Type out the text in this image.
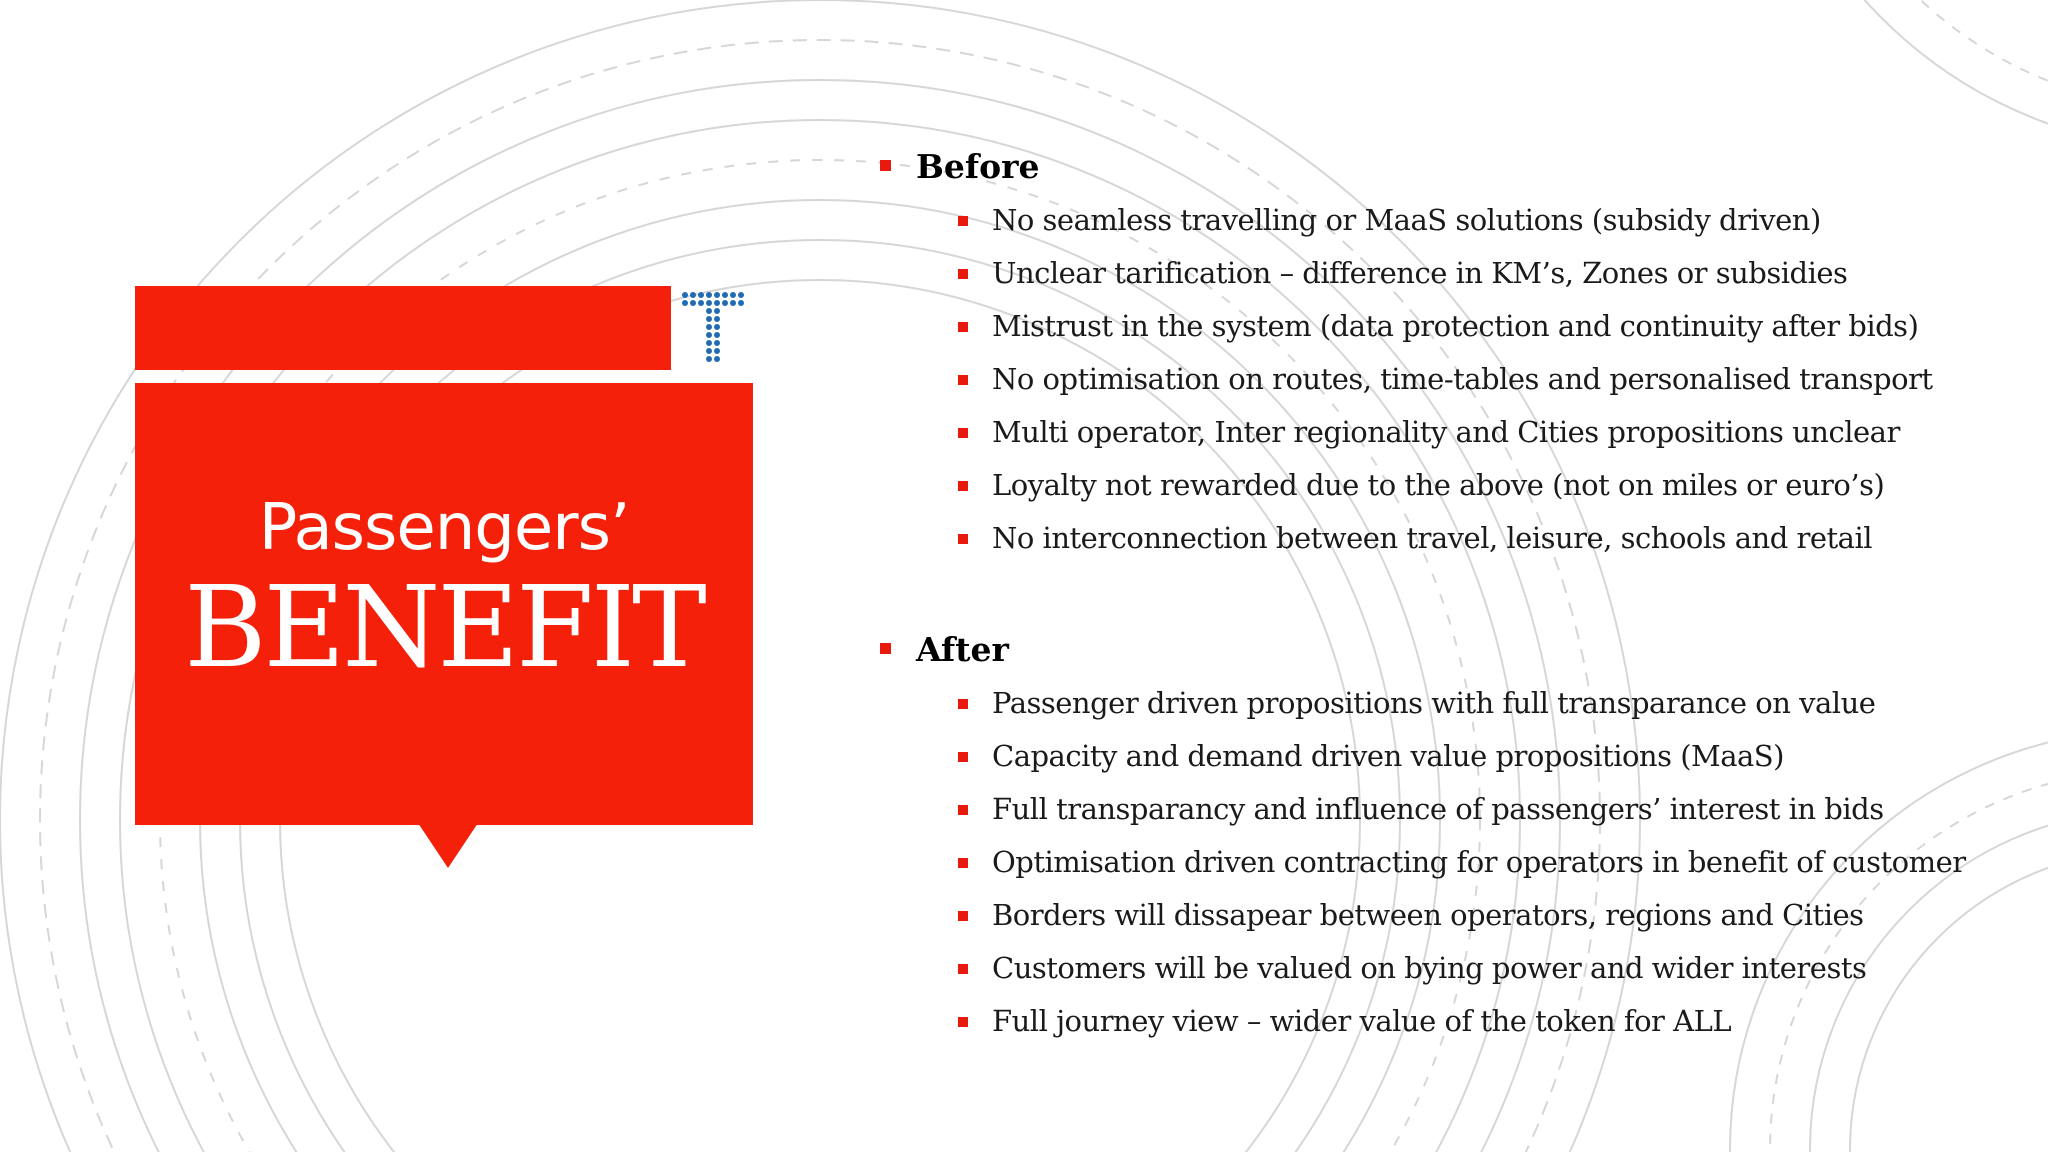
Passengers’
BENEFIT
Before
No seamless travelling or MaaS solutions (subsidy driven)
Unclear tarification – difference in KM’s, Zones or subsidies
Mistrust in the system (data protection and continuity after bids)
No optimisation on routes, time-tables and personalised transport
Multi operator, Inter regionality and Cities propositions unclear
Loyalty not rewarded due to the above (not on miles or euro’s)
No interconnection between travel, leisure, schools and retail
After
Passenger driven propositions with full transparance on value
Capacity and demand driven value propositions (MaaS)
Full transparancy and influence of passengers’ interest in bids
Optimisation driven contracting for operators in benefit of customer
Borders will dissapear between operators, regions and Cities
Customers will be valued on bying power and wider interests
Full journey view – wider value of the token for ALL
